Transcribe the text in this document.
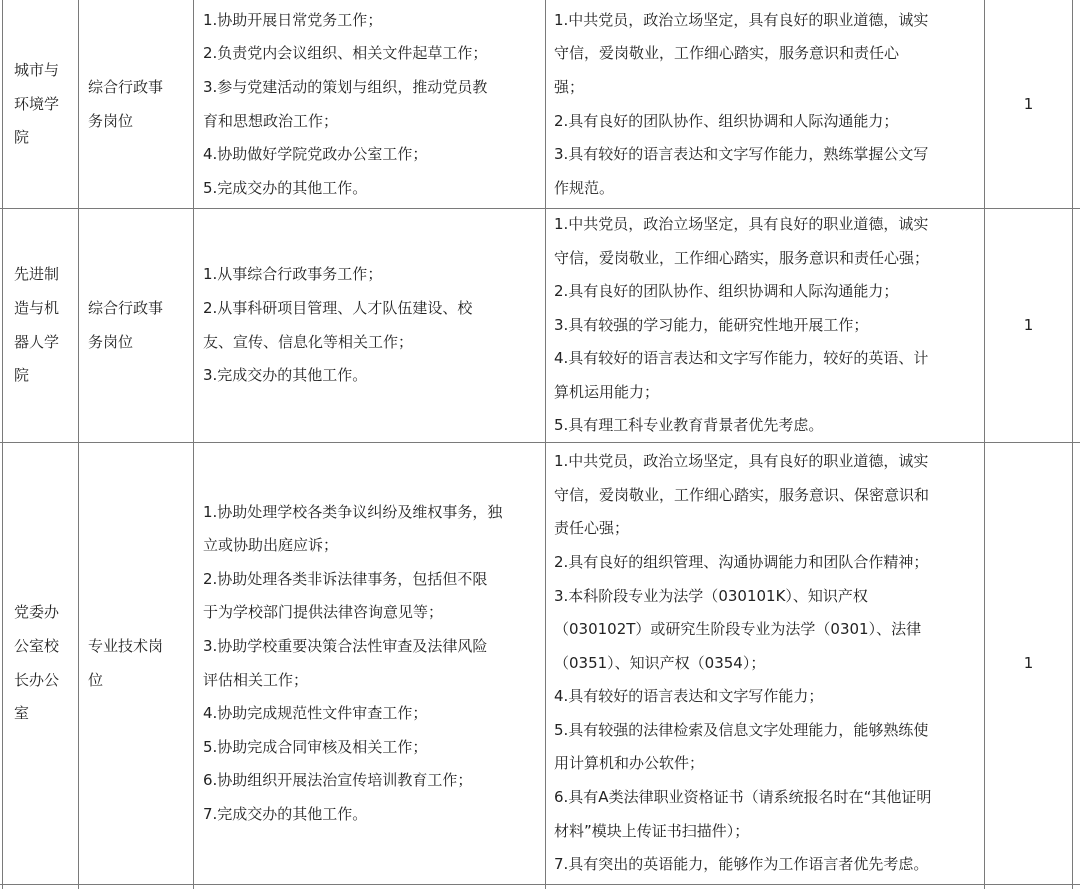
城市与
环境学
院
综合行政事
务岗位
1.协助开展日常党务工作；
2.负责党内会议组织、相关文件起草工作；
3.参与党建活动的策划与组织，推动党员教
育和思想政治工作；
4.协助做好学院党政办公室工作；
5.完成交办的其他工作。
1.中共党员，政治立场坚定，具有良好的职业道德，诚实
守信，爱岗敬业，工作细心踏实，服务意识和责任心
强；
2.具有良好的团队协作、组织协调和人际沟通能力；
3.具有较好的语言表达和文字写作能力，熟练掌握公文写
作规范。
1
先进制
造与机
器人学
院
综合行政事
务岗位
1.从事综合行政事务工作；
2.从事科研项目管理、人才队伍建设、校
友、宣传、信息化等相关工作；
3.完成交办的其他工作。
1.中共党员，政治立场坚定，具有良好的职业道德，诚实
守信，爱岗敬业，工作细心踏实，服务意识和责任心强；
2.具有良好的团队协作、组织协调和人际沟通能力；
3.具有较强的学习能力，能研究性地开展工作；
4.具有较好的语言表达和文字写作能力，较好的英语、计
算机运用能力；
5.具有理工科专业教育背景者优先考虑。
1
党委办
公室校
长办公
室
专业技术岗
位
1.协助处理学校各类争议纠纷及维权事务，独
立或协助出庭应诉；
2.协助处理各类非诉法律事务，包括但不限
于为学校部门提供法律咨询意见等；
3.协助学校重要决策合法性审查及法律风险
评估相关工作；
4.协助完成规范性文件审查工作；
5.协助完成合同审核及相关工作；
6.协助组织开展法治宣传培训教育工作；
7.完成交办的其他工作。
1.中共党员，政治立场坚定，具有良好的职业道德，诚实
守信，爱岗敬业，工作细心踏实，服务意识、保密意识和
责任心强；
2.具有良好的组织管理、沟通协调能力和团队合作精神；
3.本科阶段专业为法学（030101K）、知识产权
（030102T）或研究生阶段专业为法学（0301）、法律
（0351）、知识产权（0354）；
4.具有较好的语言表达和文字写作能力；
5.具有较强的法律检索及信息文字处理能力，能够熟练使
用计算机和办公软件；
6.具有A类法律职业资格证书（请系统报名时在“其他证明
材料”模块上传证书扫描件）；
7.具有突出的英语能力，能够作为工作语言者优先考虑。
1
